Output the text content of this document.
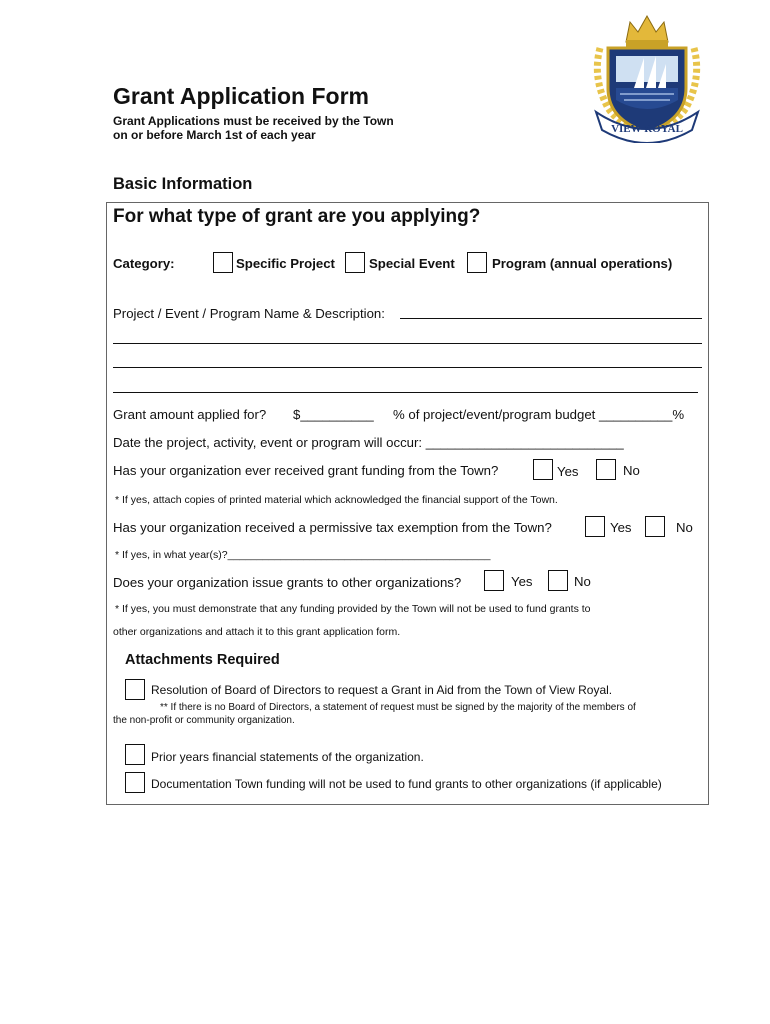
VIEW ROYAL
Grant Application Form
Grant Applications must be received by the Town
on or before March 1st of each year
Basic Information
For what type of grant are you applying?
Category:	Specific Project	Special Event	Program (annual operations)
Project / Event / Program Name & Description:
Grant amount applied for? $__________ % of project/event/program budget __________%
Date the project, activity, event or program will occur: ___________________________
Has your organization ever received grant funding from the Town?	Yes	No
* If yes, attach copies of printed material which acknowledged the financial support of the Town.
Has your organization received a permissive tax exemption from the Town?	Yes	No
* If yes, in what year(s)?_____________________________________________
Does your organization issue grants to other organizations?	Yes	No
* If yes, you must demonstrate that any funding provided by the Town will not be used to fund grants to
other organizations and attach it to this grant application form.
Attachments Required
Resolution of Board of Directors to request a Grant in Aid from the Town of View Royal.
** If there is no Board of Directors, a statement of request must be signed by the majority of the members of
the non-profit or community organization.
Prior years financial statements of the organization.
Documentation Town funding will not be used to fund grants to other organizations (if applicable)
